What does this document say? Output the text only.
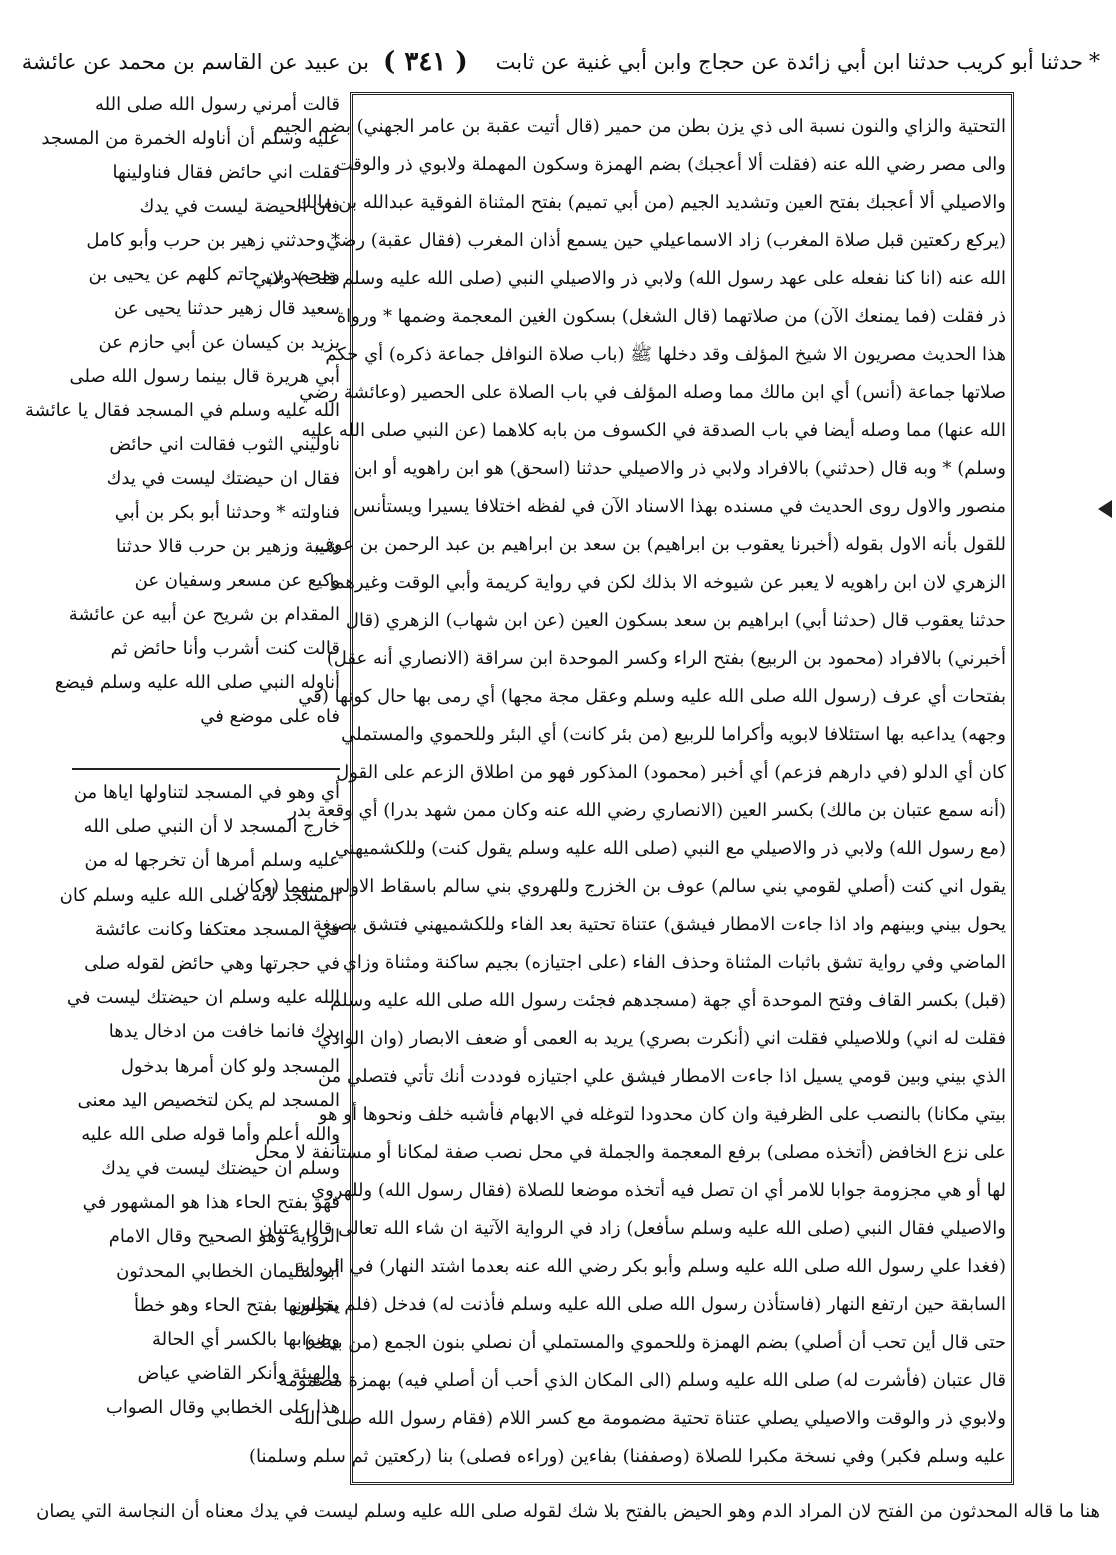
*
حدثنا أبو كريب حدثنا ابن أبي زائدة عن حجاج وابن أبي غنية عن ثابت
( ٣٤١ )
بن عبيد عن القاسم بن محمد عن عائشة
التحتية والزاي والنون نسبة الى ذي يزن بطن من حمير (قال أتيت عقبة بن عامر الجهني) بضم الجيم
والى مصر رضي الله عنه (فقلت ألا أعجبك) بضم الهمزة وسكون المهملة ولابوي ذر والوقت
والاصيلي ألا أعجبك بفتح العين وتشديد الجيم (من أبي تميم) بفتح المثناة الفوقية عبدالله بن مالك
(يركع ركعتين قبل صلاة المغرب) زاد الاسماعيلي حين يسمع أذان المغرب (فقال عقبة) رضي
الله عنه (انا كنا نفعله على عهد رسول الله) ولابي ذر والاصيلي النبي (صلى الله عليه وسلم قلت) ولابي
ذر فقلت (فما يمنعك الآن) من صلاتهما (قال الشغل) بسكون الغين المعجمة وضمها * ورواة
هذا الحديث مصريون الا شيخ المؤلف وقد دخلها ﷺ (باب صلاة النوافل جماعة ذكره) أي حكم
صلاتها جماعة (أنس) أي ابن مالك مما وصله المؤلف في باب الصلاة على الحصير (وعائشة رضي
الله عنها) مما وصله أيضا في باب الصدقة في الكسوف من بابه كلاهما (عن النبي صلى الله عليه
وسلم) * وبه قال (حدثني) بالافراد ولابي ذر والاصيلي حدثنا (اسحق) هو ابن راهويه أو ابن
منصور والاول روى الحديث في مسنده بهذا الاسناد الآن في لفظه اختلافا يسيرا ويستأنس
للقول بأنه الاول بقوله (أخبرنا يعقوب بن ابراهيم) بن سعد بن ابراهيم بن عبد الرحمن بن عوف
الزهري لان ابن راهويه لا يعبر عن شيوخه الا بذلك لكن في رواية كريمة وأبي الوقت وغيرهما
حدثنا يعقوب قال (حدثنا أبي) ابراهيم بن سعد بسكون العين (عن ابن شهاب) الزهري (قال
أخبرني) بالافراد (محمود بن الربيع) بفتح الراء وكسر الموحدة ابن سراقة (الانصاري أنه عقل)
بفتحات أي عرف (رسول الله صلى الله عليه وسلم وعقل مجة مجها) أي رمى بها حال كونها (في
وجهه) يداعبه بها استئلافا لابويه وأكراما للربيع (من بئر كانت) أي البئر وللحموي والمستملي
كان أي الدلو (في دارهم فزعم) أي أخبر (محمود) المذكور فهو من اطلاق الزعم على القول
(أنه سمع عتبان بن مالك) بكسر العين (الانصاري رضي الله عنه وكان ممن شهد بدرا) أي وقعة بدر
(مع رسول الله) ولابي ذر والاصيلي مع النبي (صلى الله عليه وسلم يقول كنت) وللكشميهني
يقول اني كنت (أصلي لقومي بني سالم) عوف بن الخزرج وللهروي بني سالم باسقاط الاولى منهما (وكان
يحول بيني وبينهم واد اذا جاءت الامطار فيشق) عتناة تحتية بعد الفاء وللكشميهني فتشق بصيغة
الماضي وفي رواية تشق باثبات المثناة وحذف الفاء (على اجتيازه) بجيم ساكنة ومثناة وزاي
(قبل) بكسر القاف وفتح الموحدة أي جهة (مسجدهم فجئت رسول الله صلى الله عليه وسلم
فقلت له اني) وللاصيلي فقلت اني (أنكرت بصري) يريد به العمى أو ضعف الابصار (وان الوادي
الذي بيني وبين قومي يسيل اذا جاءت الامطار فيشق علي اجتيازه فوددت أنك تأتي فتصلي من
بيتي مكانا) بالنصب على الظرفية وان كان محدودا لتوغله في الابهام فأشبه خلف ونحوها أو هو
على نزع الخافض (أتخذه مصلى) برفع المعجمة والجملة في محل نصب صفة لمكانا أو مستأنفة لا محل
لها أو هي مجزومة جوابا للامر أي ان تصل فيه أتخذه موضعا للصلاة (فقال رسول الله) وللهروي
والاصيلي فقال النبي (صلى الله عليه وسلم سأفعل) زاد في الرواية الآتية ان شاء الله تعالى قال عتبان
(فغدا علي رسول الله صلى الله عليه وسلم وأبو بكر رضي الله عنه بعدما اشتد النهار) في الرواية
السابقة حين ارتفع النهار (فاستأذن رسول الله صلى الله عليه وسلم فأذنت له) فدخل (فلم يجلس
حتى قال أين تحب أن أصلي) بضم الهمزة وللحموي والمستملي أن نصلي بنون الجمع (من بيتك)
قال عتبان (فأشرت له) صلى الله عليه وسلم (الى المكان الذي أحب أن أصلي فيه) بهمزة مضمومة
ولابوي ذر والوقت والاصيلي يصلي عتناة تحتية مضمومة مع كسر اللام (فقام رسول الله صلى الله
عليه وسلم فكبر) وفي نسخة مكبرا للصلاة (وصففنا) بفاءين (وراءه فصلى) بنا (ركعتين ثم سلم وسلمنا)
قالت أمرني رسول الله صلى الله
عليه وسلم أن أناوله الخمرة من المسجد
فقلت اني حائض فقال فناولينها
فان الحيضة ليست في يدك
* وحدثني زهير بن حرب وأبو كامل
ومحمد بن حاتم كلهم عن يحيى بن
سعيد قال زهير حدثنا يحيى عن
يزيد بن كيسان عن أبي حازم عن
أبي هريرة قال بينما رسول الله صلى
الله عليه وسلم في المسجد فقال يا عائشة
ناوليني الثوب فقالت اني حائض
فقال ان حيضتك ليست في يدك
فناولته * وحدثنا أبو بكر بن أبي
شيبة وزهير بن حرب قالا حدثنا
وكيع عن مسعر وسفيان عن
المقدام بن شريح عن أبيه عن عائشة
قالت كنت أشرب وأنا حائض ثم
أناوله النبي صلى الله عليه وسلم فيضع
فاه على موضع في
أي وهو في المسجد لتناولها اياها من
خارج المسجد لا أن النبي صلى الله
عليه وسلم أمرها أن تخرجها له من
المسجد لانه صلى الله عليه وسلم كان
في المسجد معتكفا وكانت عائشة
في حجرتها وهي حائض لقوله صلى
الله عليه وسلم ان حيضتك ليست في
يدك فانما خافت من ادخال يدها
المسجد ولو كان أمرها بدخول
المسجد لم يكن لتخصيص اليد معنى
والله أعلم وأما قوله صلى الله عليه
وسلم ان حيضتك ليست في يدك
فهو بفتح الحاء هذا هو المشهور في
الرواية وهو الصحيح وقال الامام
أبو سليمان الخطابي المحدثون
يقولونها بفتح الحاء وهو خطأ
وصوابها بالكسر أي الحالة
والهيئة وأنكر القاضي عياض
هذا على الخطابي وقال الصواب
هنا ما قاله المحدثون من الفتح لان المراد الدم وهو الحيض بالفتح بلا شك لقوله صلى الله عليه وسلم ليست في يدك معناه أن النجاسة التي يصان
